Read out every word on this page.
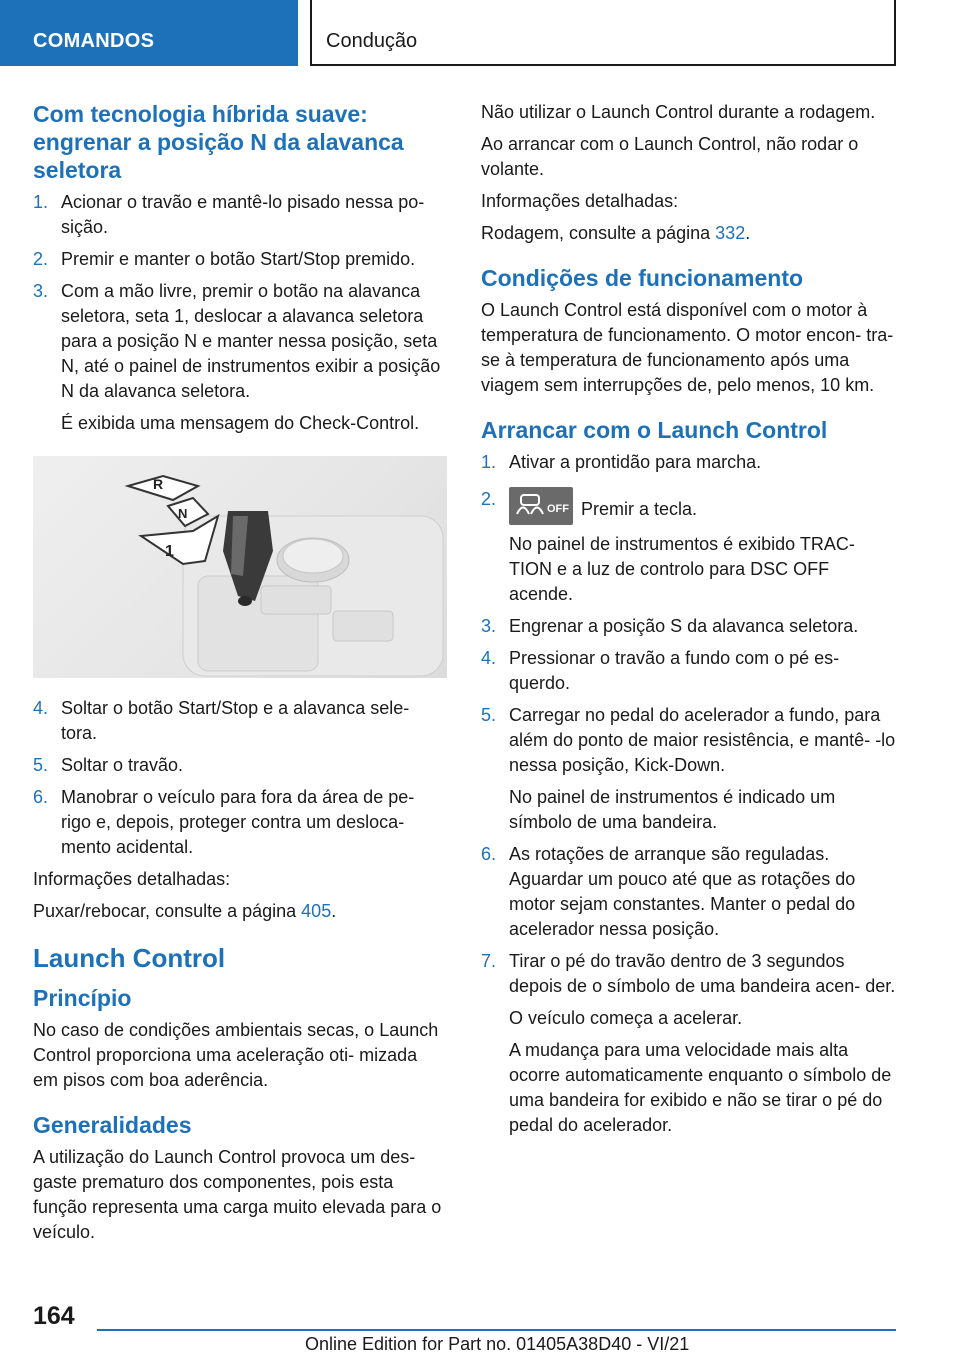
COMANDOS	Condução
Com tecnologia híbrida suave: engrenar a posição N da alavanca seletora
1. Acionar o travão e mantê-lo pisado nessa po- sição.
2. Premir e manter o botão Start/Stop premido.
3. Com a mão livre, premir o botão na alavanca seletora, seta 1, deslocar a alavanca seletora para a posição N e manter nessa posição, seta N, até o painel de instrumentos exibir a posição N da alavanca seletora.
É exibida uma mensagem do Check-Control.
R
N
1
4. Soltar o botão Start/Stop e a alavanca sele- tora.
5. Soltar o travão.
6. Manobrar o veículo para fora da área de pe- rigo e, depois, proteger contra um desloca- mento acidental.

Informações detalhadas:

Puxar/rebocar, consulte a página 405.

Launch Control
Princípio

No caso de condições ambientais secas, o Launch Control proporciona uma aceleração oti- mizada em pisos com boa aderência.

Generalidades

A utilização do Launch Control provoca um des- gaste prematuro dos componentes, pois esta função representa uma carga muito elevada para o veículo.

Não utilizar o Launch Control durante a rodagem.

Ao arrancar com o Launch Control, não rodar o volante.

Informações detalhadas:

Rodagem, consulte a página 332.

Condições de funcionamento

O Launch Control está disponível com o motor à temperatura de funcionamento. O motor encon- tra-se à temperatura de funcionamento após uma viagem sem interrupções de, pelo menos, 10 km.

Arrancar com o Launch Control
1. Ativar a prontidão para marcha.
2.	OFF Premir a tecla.
No painel de instrumentos é exibido TRAC- TION e a luz de controlo para DSC OFF acende.
3. Engrenar a posição S da alavanca seletora.
4. Pressionar o travão a fundo com o pé es- querdo.
5. Carregar no pedal do acelerador a fundo, para além do ponto de maior resistência, e mantê- -lo nessa posição, Kick-Down.
No painel de instrumentos é indicado um símbolo de uma bandeira.
6. As rotações de arranque são reguladas. Aguardar um pouco até que as rotações do motor sejam constantes. Manter o pedal do acelerador nessa posição.
7. Tirar o pé do travão dentro de 3 segundos depois de o símbolo de uma bandeira acen- der.
O veículo começa a acelerar.
A mudança para uma velocidade mais alta ocorre automaticamente enquanto o símbolo de uma bandeira for exibido e não se tirar o pé do pedal do acelerador.
164
Online Edition for Part no. 01405A38D40 - VI/21
